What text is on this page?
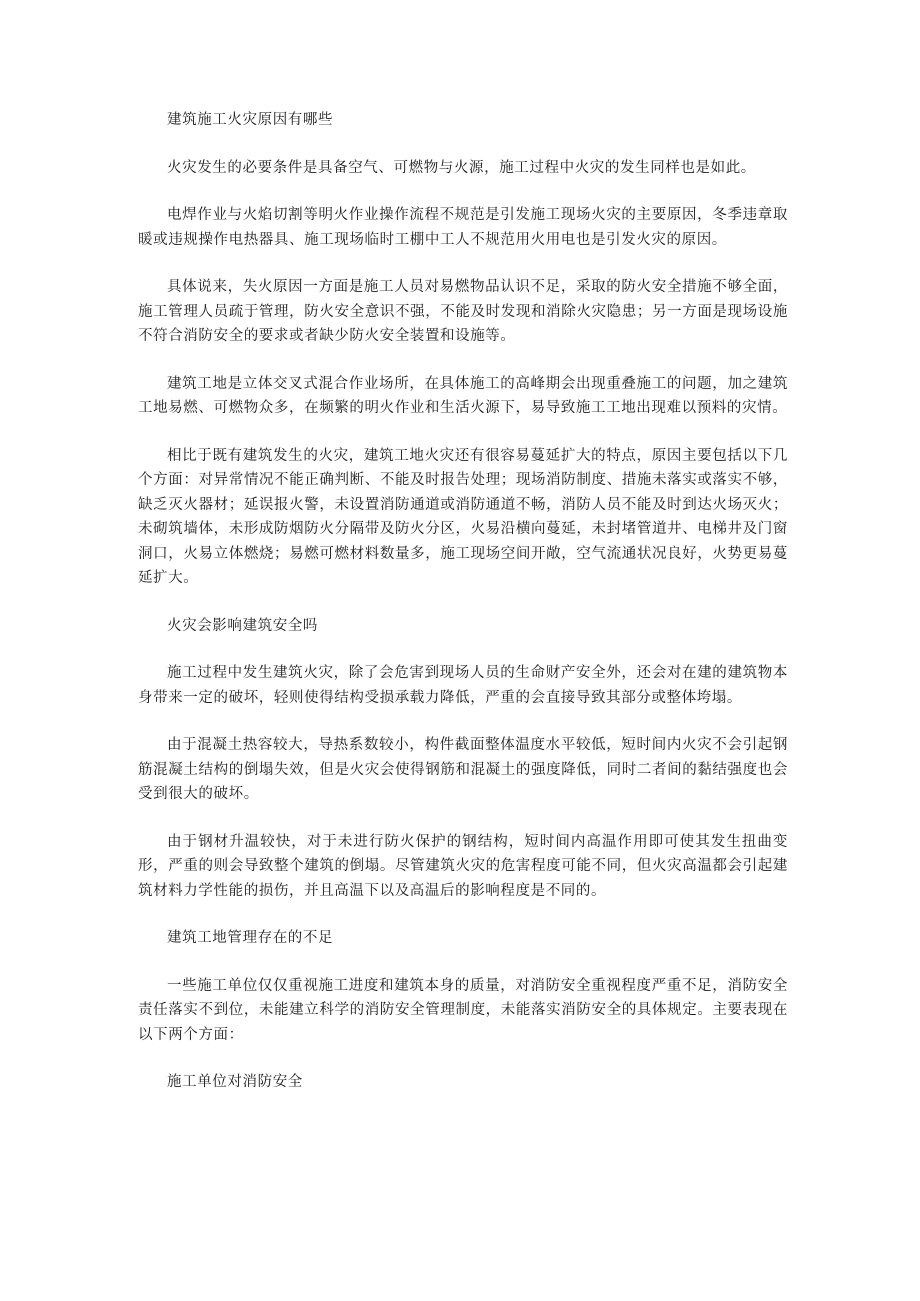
建筑施工火灾原因有哪些

火灾发生的必要条件是具备空气、可燃物与火源，施工过程中火灾的发生同样也是如此。

电焊作业与火焰切割等明火作业操作流程不规范是引发施工现场火灾的主要原因，冬季违章取暖或违规操作电热器具、施工现场临时工棚中工人不规范用火用电也是引发火灾的原因。

具体说来，失火原因一方面是施工人员对易燃物品认识不足，采取的防火安全措施不够全面，施工管理人员疏于管理，防火安全意识不强，不能及时发现和消除火灾隐患；另一方面是现场设施不符合消防安全的要求或者缺少防火安全装置和设施等。

建筑工地是立体交叉式混合作业场所，在具体施工的高峰期会出现重叠施工的问题，加之建筑工地易燃、可燃物众多，在频繁的明火作业和生活火源下，易导致施工工地出现难以预料的灾情。

相比于既有建筑发生的火灾，建筑工地火灾还有很容易蔓延扩大的特点，原因主要包括以下几个方面：对异常情况不能正确判断、不能及时报告处理；现场消防制度、措施未落实或落实不够，缺乏灭火器材；延误报火警，未设置消防通道或消防通道不畅，消防人员不能及时到达火场灭火；未砌筑墙体，未形成防烟防火分隔带及防火分区，火易沿横向蔓延，未封堵管道井、电梯井及门窗洞口，火易立体燃烧；易燃可燃材料数量多，施工现场空间开敞，空气流通状况良好，火势更易蔓延扩大。

火灾会影响建筑安全吗

施工过程中发生建筑火灾，除了会危害到现场人员的生命财产安全外，还会对在建的建筑物本身带来一定的破坏，轻则使得结构受损承载力降低，严重的会直接导致其部分或整体垮塌。

由于混凝土热容较大，导热系数较小，构件截面整体温度水平较低，短时间内火灾不会引起钢筋混凝土结构的倒塌失效，但是火灾会使得钢筋和混凝土的强度降低，同时二者间的黏结强度也会受到很大的破坏。

由于钢材升温较快，对于未进行防火保护的钢结构，短时间内高温作用即可使其发生扭曲变形，严重的则会导致整个建筑的倒塌。尽管建筑火灾的危害程度可能不同，但火灾高温都会引起建筑材料力学性能的损伤，并且高温下以及高温后的影响程度是不同的。

建筑工地管理存在的不足

一些施工单位仅仅重视施工进度和建筑本身的质量，对消防安全重视程度严重不足，消防安全责任落实不到位，未能建立科学的消防安全管理制度，未能落实消防安全的具体规定。主要表现在以下两个方面：

施工单位对消防安全
